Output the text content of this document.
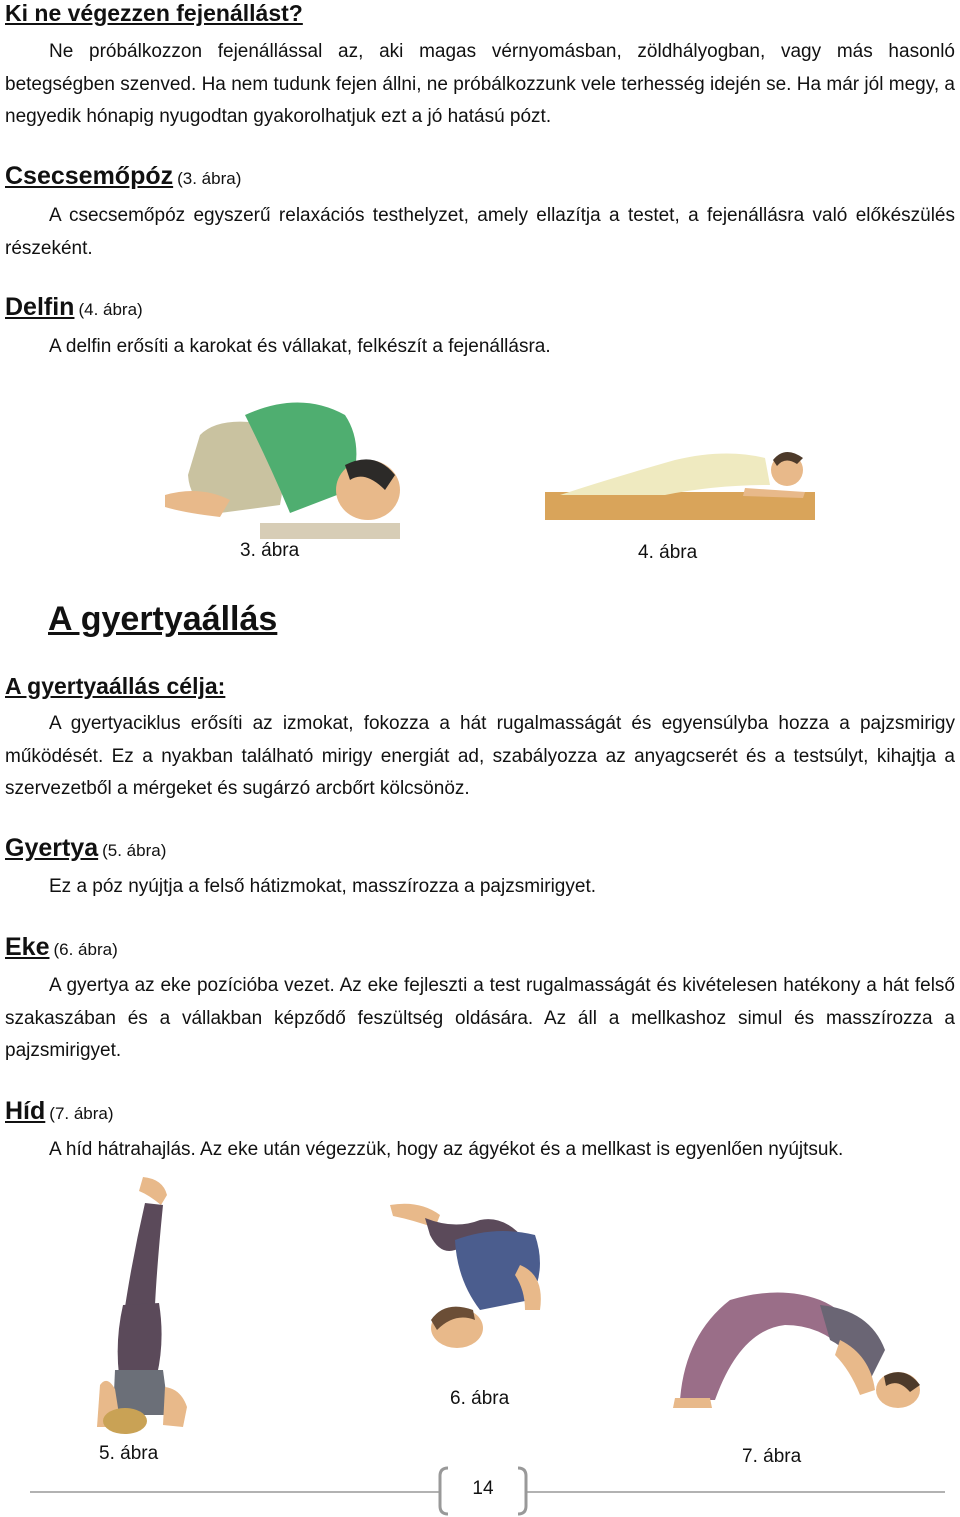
Ki ne végezzen fejenállást?
Ne próbálkozzon fejenállással az, aki magas vérnyomásban, zöldhályogban, vagy más hasonló betegségben szenved. Ha nem tudunk fejen állni, ne próbálkozzunk vele terhesség idején se. Ha már jól megy, a negyedik hónapig nyugodtan gyakorolhatjuk ezt a jó hatású pózt.
Csecsemőpóz (3. ábra)
A csecsemőpóz egyszerű relaxációs testhelyzet, amely ellazítja a testet, a fejenállásra való előkészülés részeként.
Delfin (4. ábra)
A delfin erősíti a karokat és vállakat, felkészít a fejenállásra.
3. ábra	4. ábra
A gyertyaállás
A gyertyaállás célja:
A gyertyaciklus erősíti az izmokat, fokozza a hát rugalmasságát és egyensúlyba hozza a pajzsmirigy működését. Ez a nyakban található mirigy energiát ad, szabályozza az anyagcserét és a testsúlyt, kihajtja a szervezetből a mérgeket és sugárzó arcbőrt kölcsönöz.
Gyertya (5. ábra)
Ez a póz nyújtja a felső hátizmokat, masszírozza a pajzsmirigyet.
Eke (6. ábra)
A gyertya az eke pozícióba vezet. Az eke fejleszti a test rugalmasságát és kivételesen hatékony a hát felső szakaszában és a vállakban képződő feszültség oldására. Az áll a mellkashoz simul és masszírozza a pajzsmirigyet.
Híd (7. ábra)
A híd hátrahajlás. Az eke után végezzük, hogy az ágyékot és a mellkast is egyenlően nyújtsuk.
5. ábra
6. ábra
7. ábra
14
